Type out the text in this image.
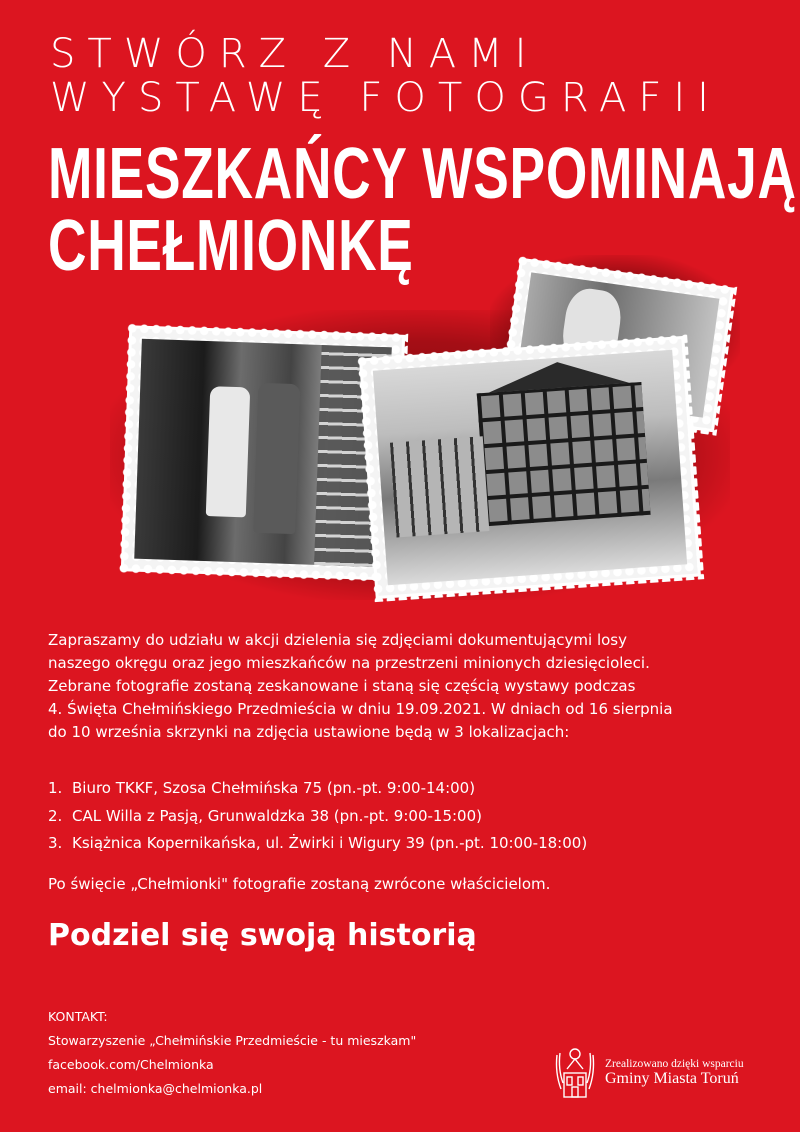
STWÓRZ Z NAMI
WYSTAWĘ FOTOGRAFII
MIESZKAŃCY WSPOMINAJĄ
CHEŁMIONKĘ

Zapraszamy do udziału w akcji dzielenia się zdjęciami dokumentującymi losy

naszego okręgu oraz jego mieszkańców na przestrzeni minionych dziesięcioleci.

Zebrane fotografie zostaną zeskanowane i staną się częścią wystawy podczas

4. Święta Chełmińskiego Przedmieścia w dniu 19.09.2021. W dniach od 16 sierpnia

do 10 września skrzynki na zdjęcia ustawione będą w 3 lokalizacjach:

1. Biuro TKKF, Szosa Chełmińska 75 (pn.-pt. 9:00-14:00)
2. CAL Willa z Pasją, Grunwaldzka 38 (pn.-pt. 9:00-15:00)
3. Książnica Kopernikańska, ul. Żwirki i Wigury 39 (pn.-pt. 10:00-18:00)
Po święcie „Chełmionki" fotografie zostaną zwrócone właścicielom.
Podziel się swoją historią
KONTAKT:
Stowarzyszenie „Chełmińskie Przedmieście - tu mieszkam"
facebook.com/Chelmionka
email: chelmionka@chelmionka.pl
Zrealizowano dzięki wsparciu
Gminy Miasta Toruń
